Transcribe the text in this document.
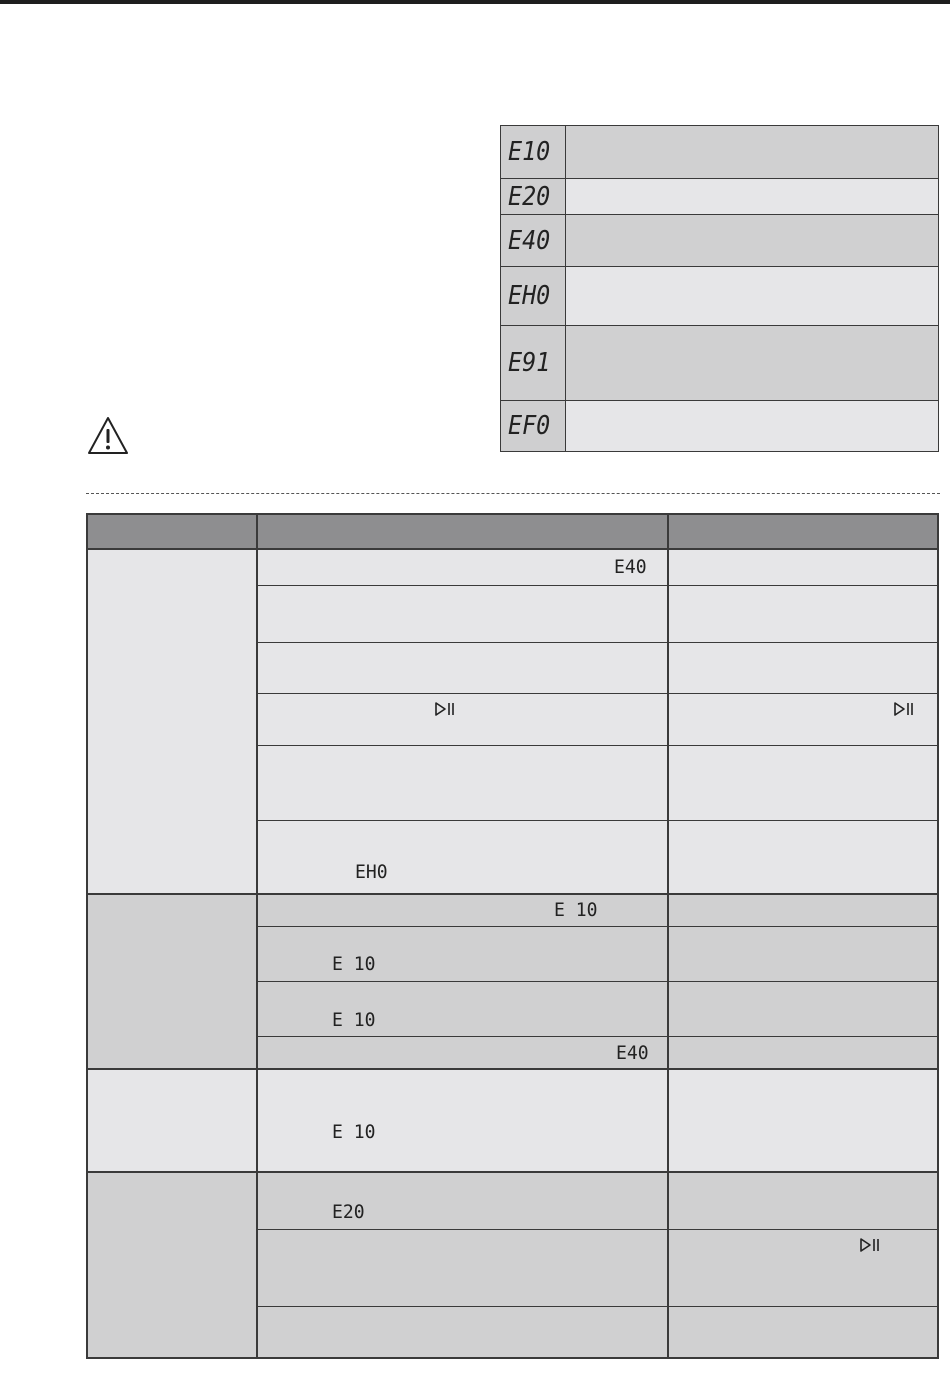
E10
E20
E40
EH0
E91
EF0
E40
EH0
E 10
E 10
E 10
E40
E 10
E20
